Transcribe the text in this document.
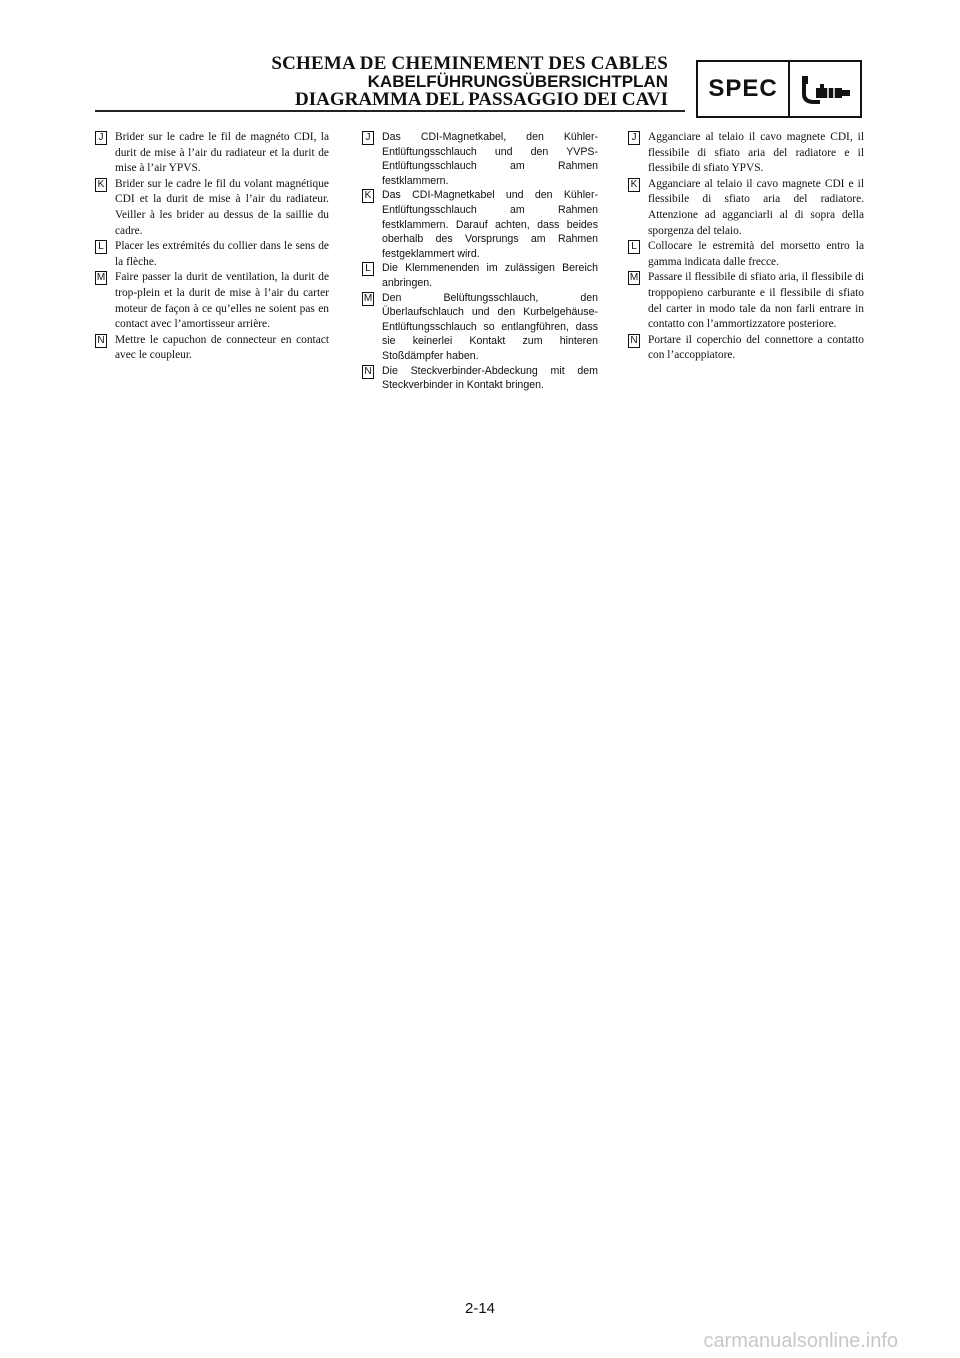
SCHEMA DE CHEMINEMENT DES CABLES
KABELFÜHRUNGSÜBERSICHTPLAN
DIAGRAMMA DEL PASSAGGIO DEI CAVI	SPEC
J	Brider sur le cadre le fil de magnéto CDI, la durit de mise à l’air du radiateur et la durit de mise à l’air YPVS.
K Brider sur le cadre le fil du volant magnétique CDI et la durit de mise à l’air du radiateur. Veiller à les brider au dessus de la saillie du cadre.
L Placer les extrémités du collier dans le sens de la flèche.
M Faire passer la durit de ventilation, la durit de trop-plein et la durit de mise à l’air du carter moteur de façon à ce qu’elles ne soient pas en contact avec l’amortisseur arrière.
N Mettre le capuchon de connecteur en contact avec le coupleur.
J	Das CDI-Magnetkabel, den Kühler-Entlüftungsschlauch und den YVPS-Entlüftungsschlauch am Rahmen festklammern.
K Das CDI-Magnetkabel und den Kühler-Entlüftungsschlauch am Rahmen festklammern. Darauf achten, dass beides oberhalb des Vorsprungs am Rahmen festgeklammert wird.
L	Die Klemmenenden im zulässigen Bereich anbringen.
M Den Belüftungsschlauch, den Überlaufschlauch und den Kurbelgehäuse-Entlüftungsschlauch so entlangführen, dass sie keinerlei Kontakt zum hinteren Stoßdämpfer haben.
N Die Steckverbinder-Abdeckung mit dem Steckverbinder in Kontakt bringen.
J	Agganciare al telaio il cavo magnete CDI, il flessibile di sfiato aria del radiatore e il flessibile di sfiato YPVS.
K Agganciare al telaio il cavo magnete CDI e il flessibile di sfiato aria del radiatore. Attenzione ad agganciarli al di sopra della sporgenza del telaio.
L Collocare le estremità del morsetto entro la gamma indicata dalle frecce.
M Passare il flessibile di sfiato aria, il flessibile di troppopieno carburante e il flessibile di sfiato del carter in modo tale da non farli entrare in contatto con l’ammortizzatore posteriore.
N Portare il coperchio del connettore a contatto con l’accoppiatore.
2-14
carmanualsonline.info
